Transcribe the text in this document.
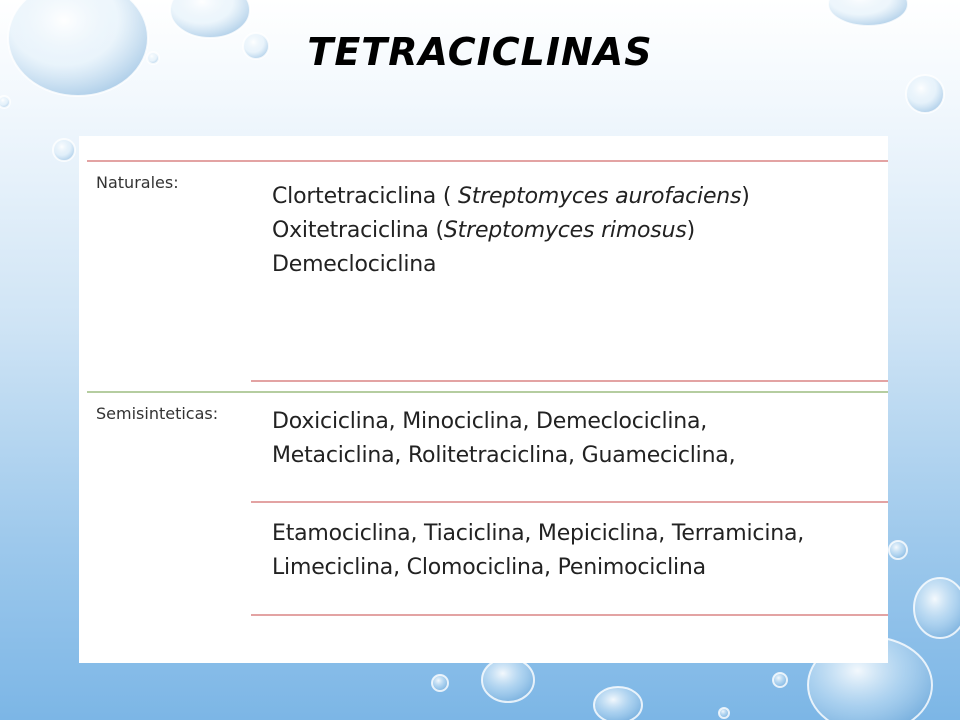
TETRACICLINAS
Naturales:
Clortetraciclina ( Streptomyces aurofaciens)
Oxitetraciclina (Streptomyces rimosus)
Demeclociclina
Semisinteticas: Doxiciclina, Minociclina, Demeclociclina,
Metaciclina, Rolitetraciclina, Guameciclina,
Etamociclina, Tiaciclina, Mepiciclina, Terramicina,
Limeciclina, Clomociclina, Penimociclina
